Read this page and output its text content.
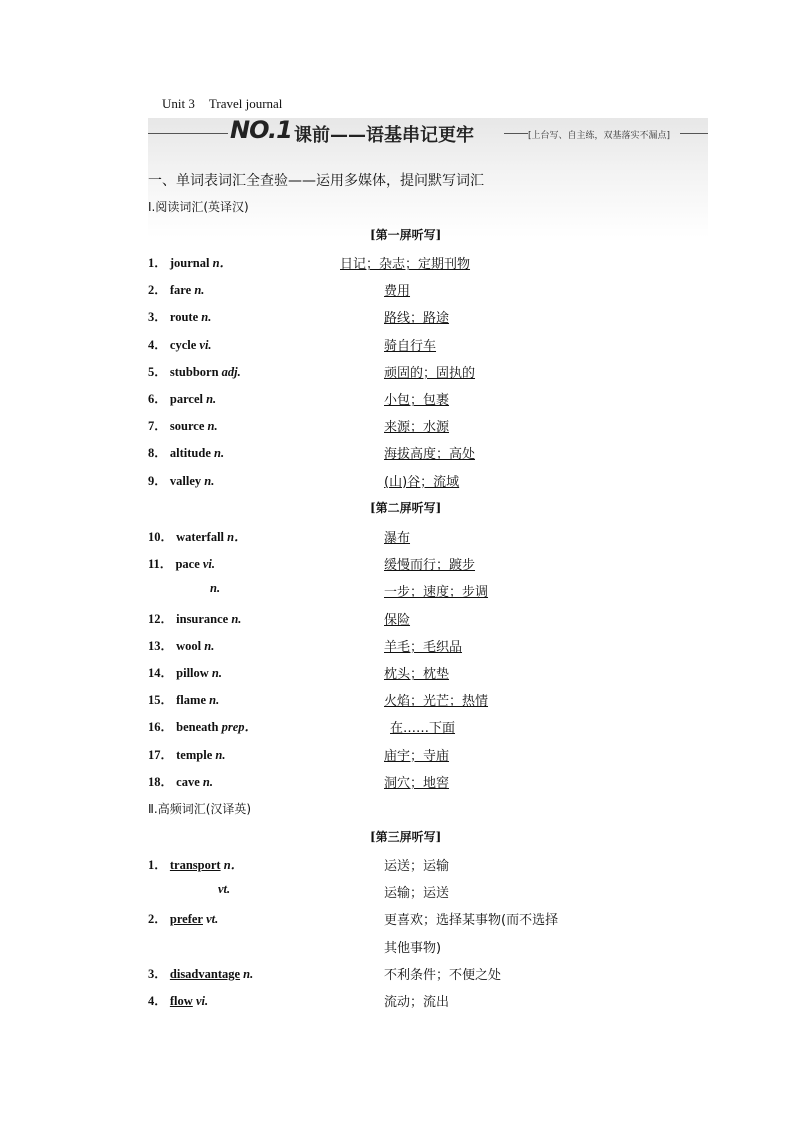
Unit 3 Travel journal
NO.1 课前——语基串记更牢	[上台写、自主练，双基落实不漏点]
一、单词表词汇全查验——运用多媒体，提问默写词汇
Ⅰ.阅读词汇(英译汉)
[第一屏听写]
1． journal n．	日记；杂志；定期刊物
2． fare n.	费用
3． route n.	路线；路途
4． cycle vi.	骑自行车
5． stubborn adj.	顽固的；固执的
6． parcel n.	小包；包裹
7． source n.	来源；水源
8． altitude n.	海拔高度；高处
9． valley n.	(山)谷；流域
[第二屏听写]
10． waterfall n．	瀑布
11． pace vi.	缓慢而行；踱步
n.	一步；速度；步调
12． insurance n.	保险
13． wool n.	羊毛；毛织品
14． pillow n.	枕头；枕垫
15． flame n.	火焰；光芒；热情
16． beneath prep．	在……下面
17． temple n.	庙宇；寺庙
18． cave n.	洞穴；地窖
Ⅱ.高频词汇(汉译英)
[第三屏听写]
1． transport n．	运送；运输
vt.	运输；运送
2． prefer vt.	更喜欢；选择某事物(而不选择
其他事物)
3． disadvantage n.	不利条件；不便之处
4． flow vi.	流动；流出
